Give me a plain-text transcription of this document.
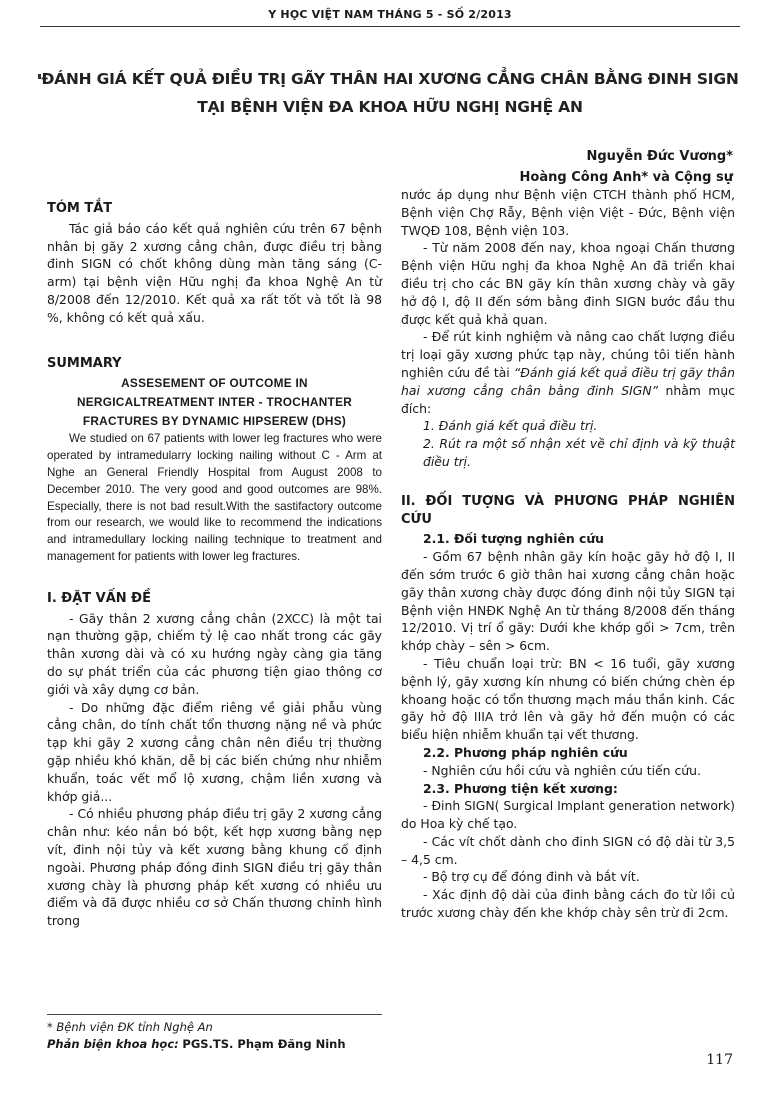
Y HỌC VIỆT NAM THÁNG 5 - SỐ 2/2013
ĐÁNH GIÁ KẾT QUẢ ĐIỀU TRỊ GÃY THÂN HAI XƯƠNG CẲNG CHÂN BẰNG ĐINH SIGN
TẠI BỆNH VIỆN ĐA KHOA HỮU NGHỊ NGHỆ AN
Nguyễn Đức Vương*
Hoàng Công Anh* và Cộng sự
TÓM TẮT

Tác giả báo cáo kết quả nghiên cứu trên 67 bệnh nhân bị gãy 2 xương cẳng chân, được điều trị bằng đinh SIGN có chốt không dùng màn tăng sáng (C- arm) tại bệnh viện Hữu nghị đa khoa Nghệ An từ 8/2008 đến 12/2010. Kết quả xa rất tốt và tốt là 98 %, không có kết quả xấu.

SUMMARY
ASSESEMENT OF OUTCOME IN
NERGICALTREATMENT INTER - TROCHANTER
FRACTURES BY DYNAMIC HIPSEREW (DHS)

We studied on 67 patients with lower leg fractures who were operated by intramedularry locking nailing without C - Arm at Nghe an General Friendly Hospital from August 2008 to December 2010. The very good and good outcomes are 98%. Especially, there is not bad result.With the sastifactory outcome from our research, we would like to recommend the indications and intramedullary locking nailing technique to treatment and management for patients with lower leg fractures.

I. ĐẶT VẤN ĐỀ

- Gãy thân 2 xương cẳng chân (2XCC) là một tai nạn thường gặp, chiếm tỷ lệ cao nhất trong các gãy thân xương dài và có xu hướng ngày càng gia tăng do sự phát triển của các phương tiện giao thông cơ giới và xây dựng cơ bản.

- Do những đặc điểm riêng về giải phẫu vùng cẳng chân, do tính chất tổn thương nặng nề và phức tạp khi gãy 2 xương cẳng chân nên điều trị thường gặp nhiều khó khăn, dễ bị các biến chứng như nhiễm khuẩn, toác vết mổ lộ xương, chậm liền xương và khớp giả...

- Có nhiều phương pháp điều trị gãy 2 xương cẳng chân như: kéo nắn bó bột, kết hợp xương bằng nẹp vít, đinh nội tủy và kết xương bằng khung cố định ngoài. Phương pháp đóng đinh SIGN điều trị gãy thân xương chày là phương pháp kết xương có nhiều ưu điểm và đã được nhiều cơ sở Chấn thương chỉnh hình trong

* Bệnh viện ĐK tỉnh Nghệ An
Phản biện khoa học: PGS.TS. Phạm Đăng Ninh

nước áp dụng như Bệnh viện CTCH thành phố HCM, Bệnh viện Chợ Rẫy, Bệnh viện Việt - Đức, Bệnh viện TWQĐ 108, Bệnh viện 103.

- Từ năm 2008 đến nay, khoa ngoại Chấn thương Bệnh viện Hữu nghị đa khoa Nghệ An đã triển khai điều trị cho các BN gãy kín thân xương chày và gãy hở độ I, độ II đến sớm bằng đinh SIGN bước đầu thu được kết quả khả quan.

- Để rút kinh nghiệm và nâng cao chất lượng điều trị loại gãy xương phức tạp này, chúng tôi tiến hành nghiên cứu đề tài “Đánh giá kết quả điều trị gãy thân hai xương cẳng chân bằng đinh SIGN” nhằm mục đích:

1. Đánh giá kết quả điều trị.
2. Rút ra một số nhận xét về chỉ định và kỹ thuật điều trị.
II. ĐỐI TƯỢNG VÀ PHƯƠNG PHÁP NGHIÊN CỨU
2.1. Đối tượng nghiên cứu

- Gồm 67 bệnh nhân gãy kín hoặc gãy hở độ I, II đến sớm trước 6 giờ thân hai xương cẳng chân hoặc gãy thân xương chày được đóng đinh nội tủy SIGN tại Bệnh viện HNĐK Nghệ An từ tháng 8/2008 đến tháng 12/2010. Vị trí ổ gãy: Dưới khe khớp gối > 7cm, trên khớp chày – sên > 6cm.

- Tiêu chuẩn loại trừ: BN < 16 tuổi, gãy xương bệnh lý, gãy xương kín nhưng có biến chứng chèn ép khoang hoặc có tổn thương mạch máu thần kinh. Các gãy hở độ IIIA trở lên và gãy hở đến muộn có các biểu hiện nhiễm khuẩn tại vết thương.

2.2. Phương pháp nghiên cứu

- Nghiên cứu hồi cứu và nghiên cứu tiến cứu.

2.3. Phương tiện kết xương:

- Đinh SIGN( Surgical Implant generation network) do Hoa kỳ chế tạo.

- Các vít chốt dành cho đinh SIGN có độ dài từ 3,5 – 4,5 cm.

- Bộ trợ cụ để đóng đinh và bắt vít.

- Xác định độ dài của đinh bằng cách đo từ lồi củ trước xương chày đến khe khớp chày sên trừ đi 2cm.

117
